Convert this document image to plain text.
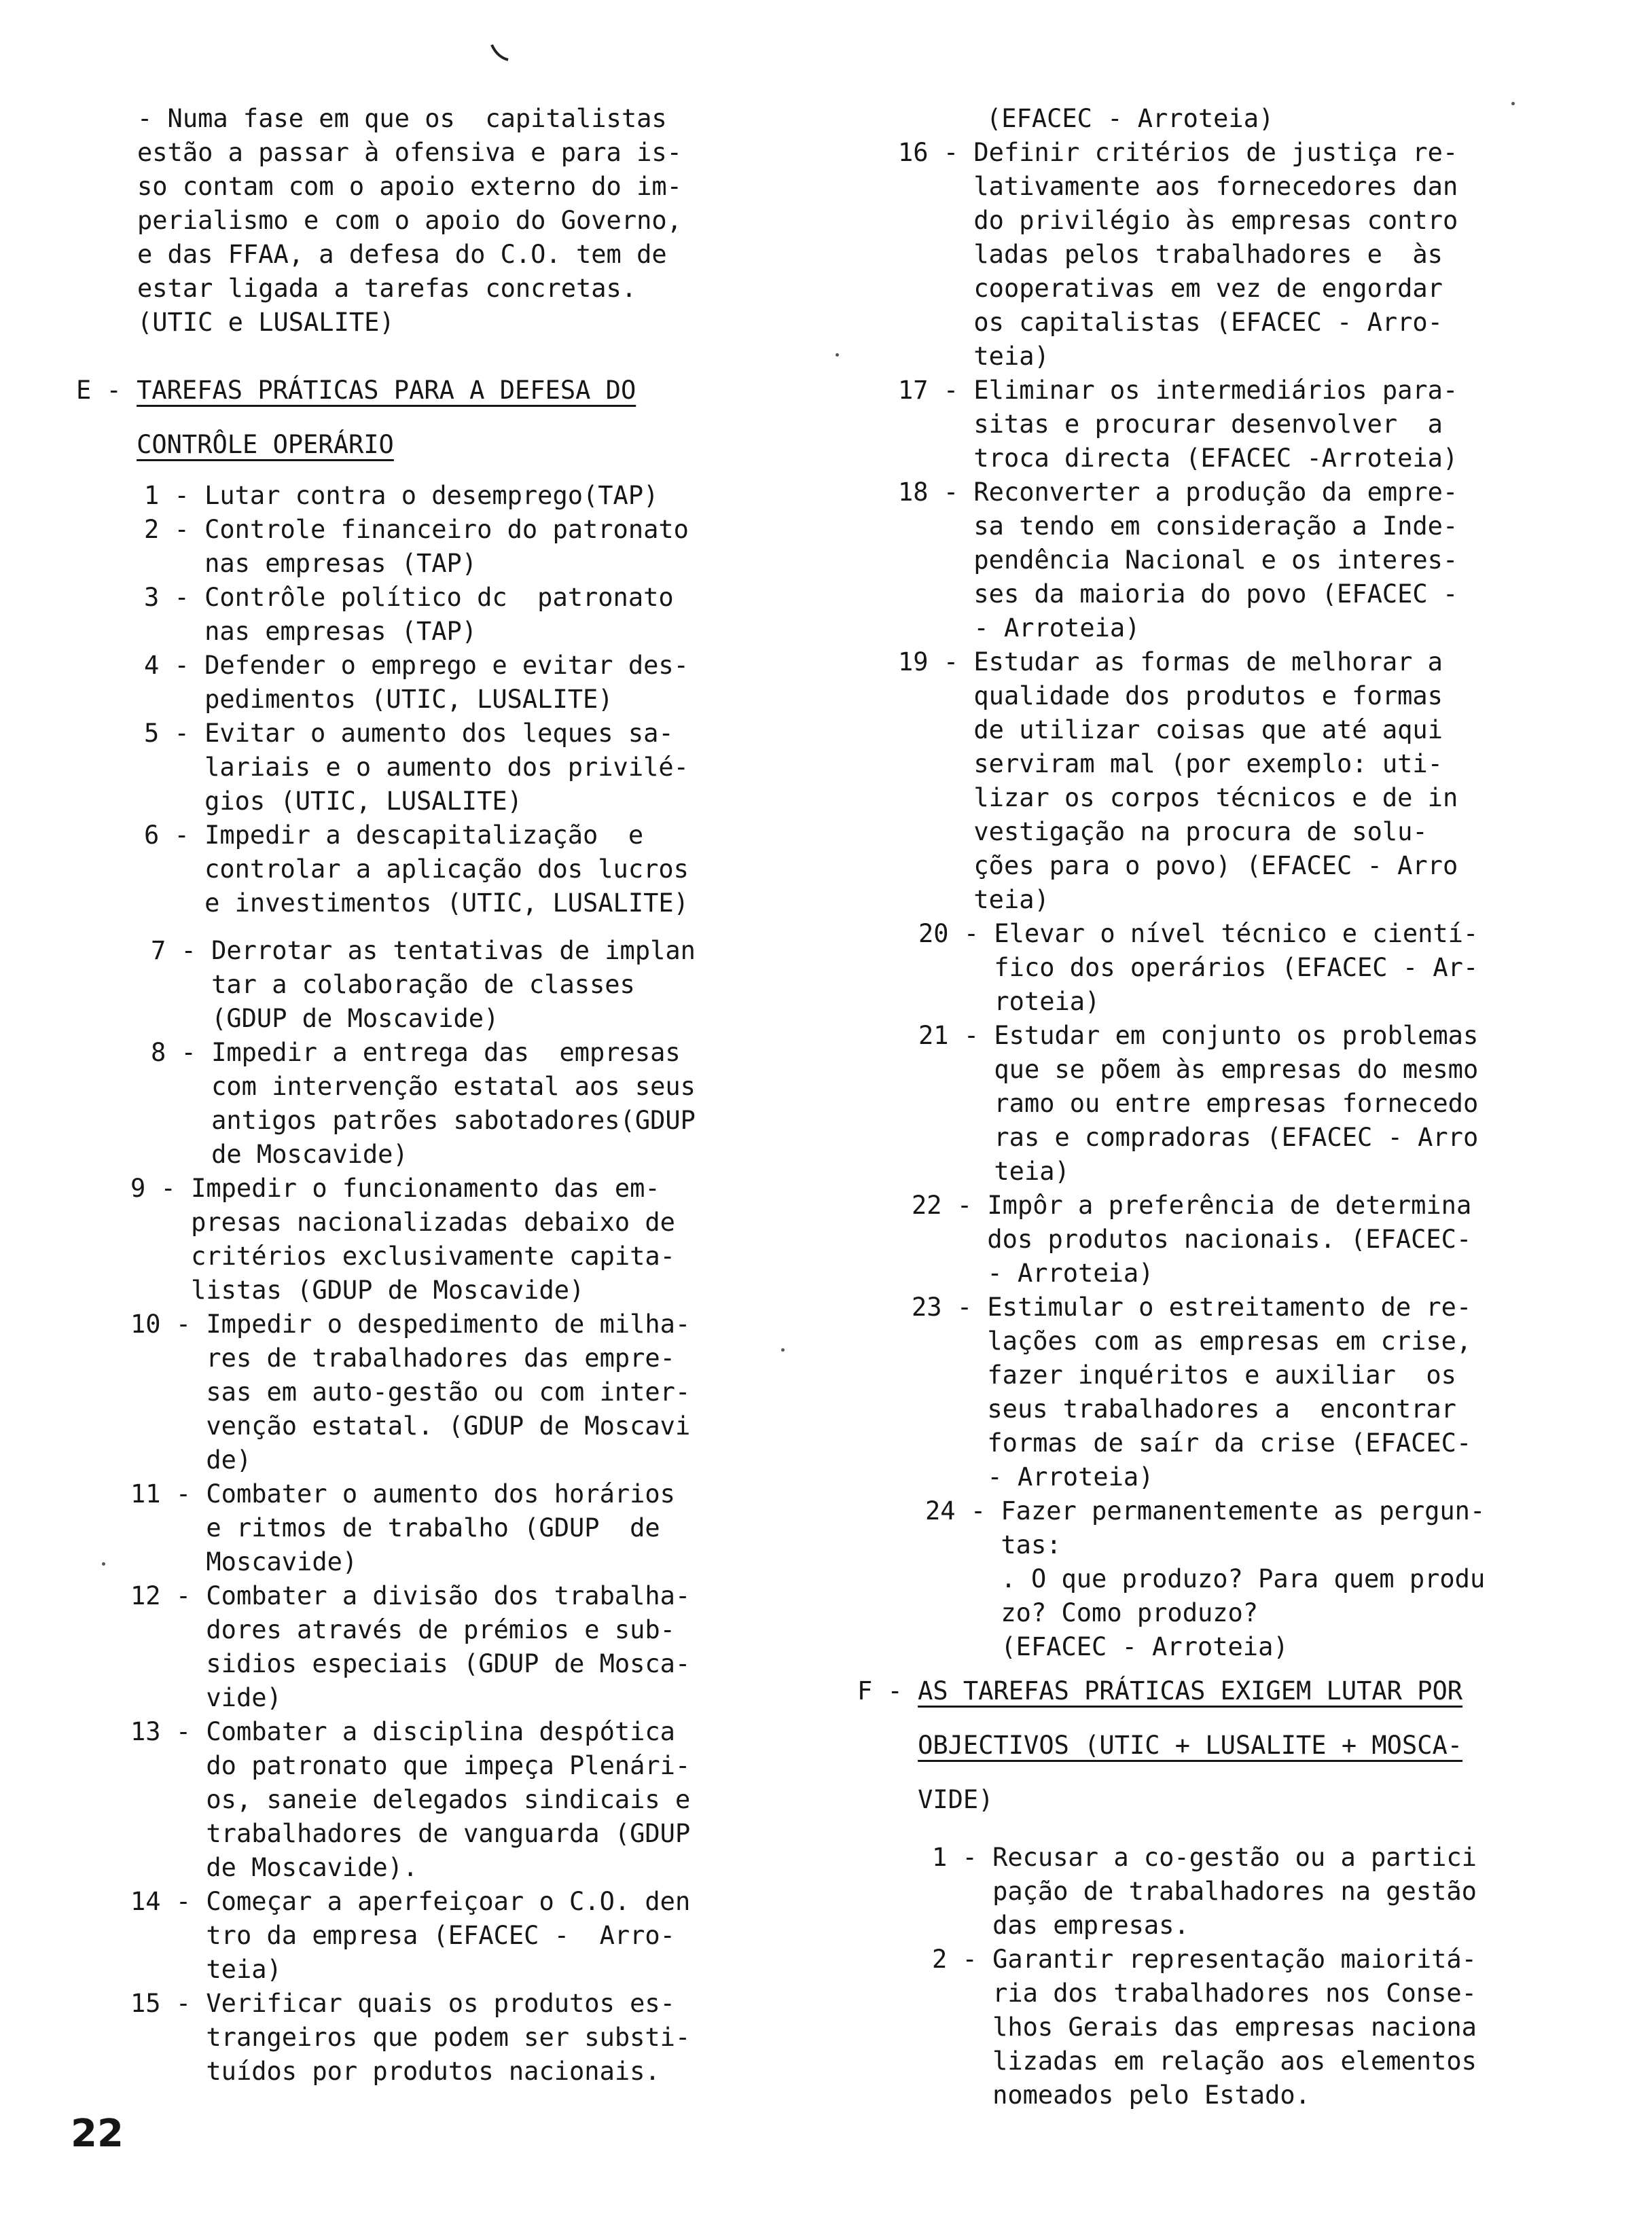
- Numa fase em que os  capitalistas

estão a passar à ofensiva e para is-

so contam com o apoio externo do im-

perialismo e com o apoio do Governo,

e das FFAA, a defesa do C.O. tem de

estar ligada a tarefas concretas.

(UTIC e LUSALITE)

E - TAREFAS PRÁTICAS PARA A DEFESA DO

CONTRÔLE OPERÁRIO

1 - Lutar contra o desemprego(TAP)

2 - Controle financeiro do patronato

nas empresas (TAP)

3 - Contrôle político dc  patronato

nas empresas (TAP)

4 - Defender o emprego e evitar des-

pedimentos (UTIC, LUSALITE)

5 - Evitar o aumento dos leques sa-

lariais e o aumento dos privilé-

gios (UTIC, LUSALITE)

6 - Impedir a descapitalização  e

controlar a aplicação dos lucros

e investimentos (UTIC, LUSALITE)

7 - Derrotar as tentativas de implan

tar a colaboração de classes

(GDUP de Moscavide)

8 - Impedir a entrega das  empresas

com intervenção estatal aos seus

antigos patrões sabotadores(GDUP

de Moscavide)

9 - Impedir o funcionamento das em-

presas nacionalizadas debaixo de

critérios exclusivamente capita-

listas (GDUP de Moscavide)

10 - Impedir o despedimento de milha-

res de trabalhadores das empre-

sas em auto-gestão ou com inter-

venção estatal. (GDUP de Moscavi

de)

11 - Combater o aumento dos horários

e ritmos de trabalho (GDUP  de

Moscavide)

12 - Combater a divisão dos trabalha-

dores através de prémios e sub-

sidios especiais (GDUP de Mosca-

vide)

13 - Combater a disciplina despótica

do patronato que impeça Plenári-

os, saneie delegados sindicais e

trabalhadores de vanguarda (GDUP

de Moscavide).

14 - Começar a aperfeiçoar o C.O. den

tro da empresa (EFACEC -  Arro-

teia)

15 - Verificar quais os produtos es-

trangeiros que podem ser substi-

tuídos por produtos nacionais.

(EFACEC - Arroteia)

16 - Definir critérios de justiça re-

lativamente aos fornecedores dan

do privilégio às empresas contro

ladas pelos trabalhadores e  às

cooperativas em vez de engordar

os capitalistas (EFACEC - Arro-

teia)

17 - Eliminar os intermediários para-

sitas e procurar desenvolver  a

troca directa (EFACEC -Arroteia)

18 - Reconverter a produção da empre-

sa tendo em consideração a Inde-

pendência Nacional e os interes-

ses da maioria do povo (EFACEC -

- Arroteia)

19 - Estudar as formas de melhorar a

qualidade dos produtos e formas

de utilizar coisas que até aqui

serviram mal (por exemplo: uti-

lizar os corpos técnicos e de in

vestigação na procura de solu-

ções para o povo) (EFACEC - Arro

teia)

20 - Elevar o nível técnico e cientí-

fico dos operários (EFACEC - Ar-

roteia)

21 - Estudar em conjunto os problemas

que se põem às empresas do mesmo

ramo ou entre empresas fornecedo

ras e compradoras (EFACEC - Arro

teia)

22 - Impôr a preferência de determina

dos produtos nacionais. (EFACEC-

- Arroteia)

23 - Estimular o estreitamento de re-

lações com as empresas em crise,

fazer inquéritos e auxiliar  os

seus trabalhadores a  encontrar

formas de saír da crise (EFACEC-

- Arroteia)

24 - Fazer permanentemente as pergun-

tas:

. O que produzo? Para quem produ

zo? Como produzo?

(EFACEC - Arroteia)

F - AS TAREFAS PRÁTICAS EXIGEM LUTAR POR

OBJECTIVOS (UTIC + LUSALITE + MOSCA-

VIDE)

1 - Recusar a co-gestão ou a partici

pação de trabalhadores na gestão

das empresas.

2 - Garantir representação maioritá-

ria dos trabalhadores nos Conse-

lhos Gerais das empresas naciona

lizadas em relação aos elementos

nomeados pelo Estado.

22
